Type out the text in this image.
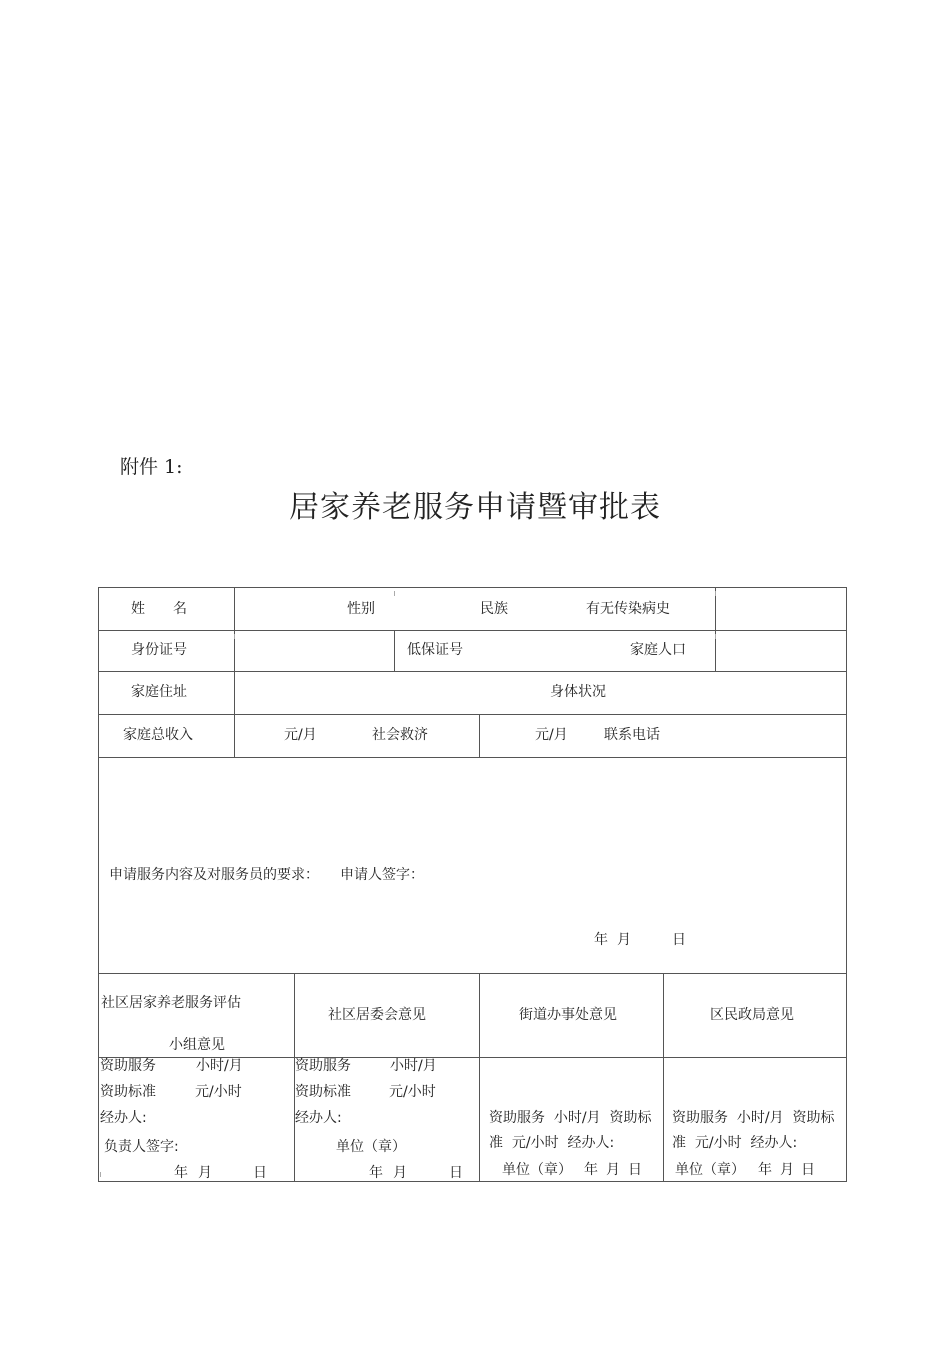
附件 1:
居家养老服务申请暨审批表
姓　　名	性别	民族	有无传染病史
身份证号	低保证号	家庭人口
家庭住址	身体状况
家庭总收入	元/月	社会救济	元/月	联系电话
申请服务内容及对服务员的要求： 申请人签字：
年 月	日
社区居家养老服务评估
小组意见
社区居委会意见	街道办事处意见	区民政局意见
资助服务	小时/月
资助标准	元/小时
经办人:
负责人签字:
年 月	日
资助服务	小时/月
资助标准	元/小时
经办人:
单位（章）
年 月	日
资助服务  小时/月  资助标
准  元/小时  经办人:
单位（章） 年 月 日
资助服务  小时/月  资助标
准  元/小时  经办人:
单位（章） 年 月 日
